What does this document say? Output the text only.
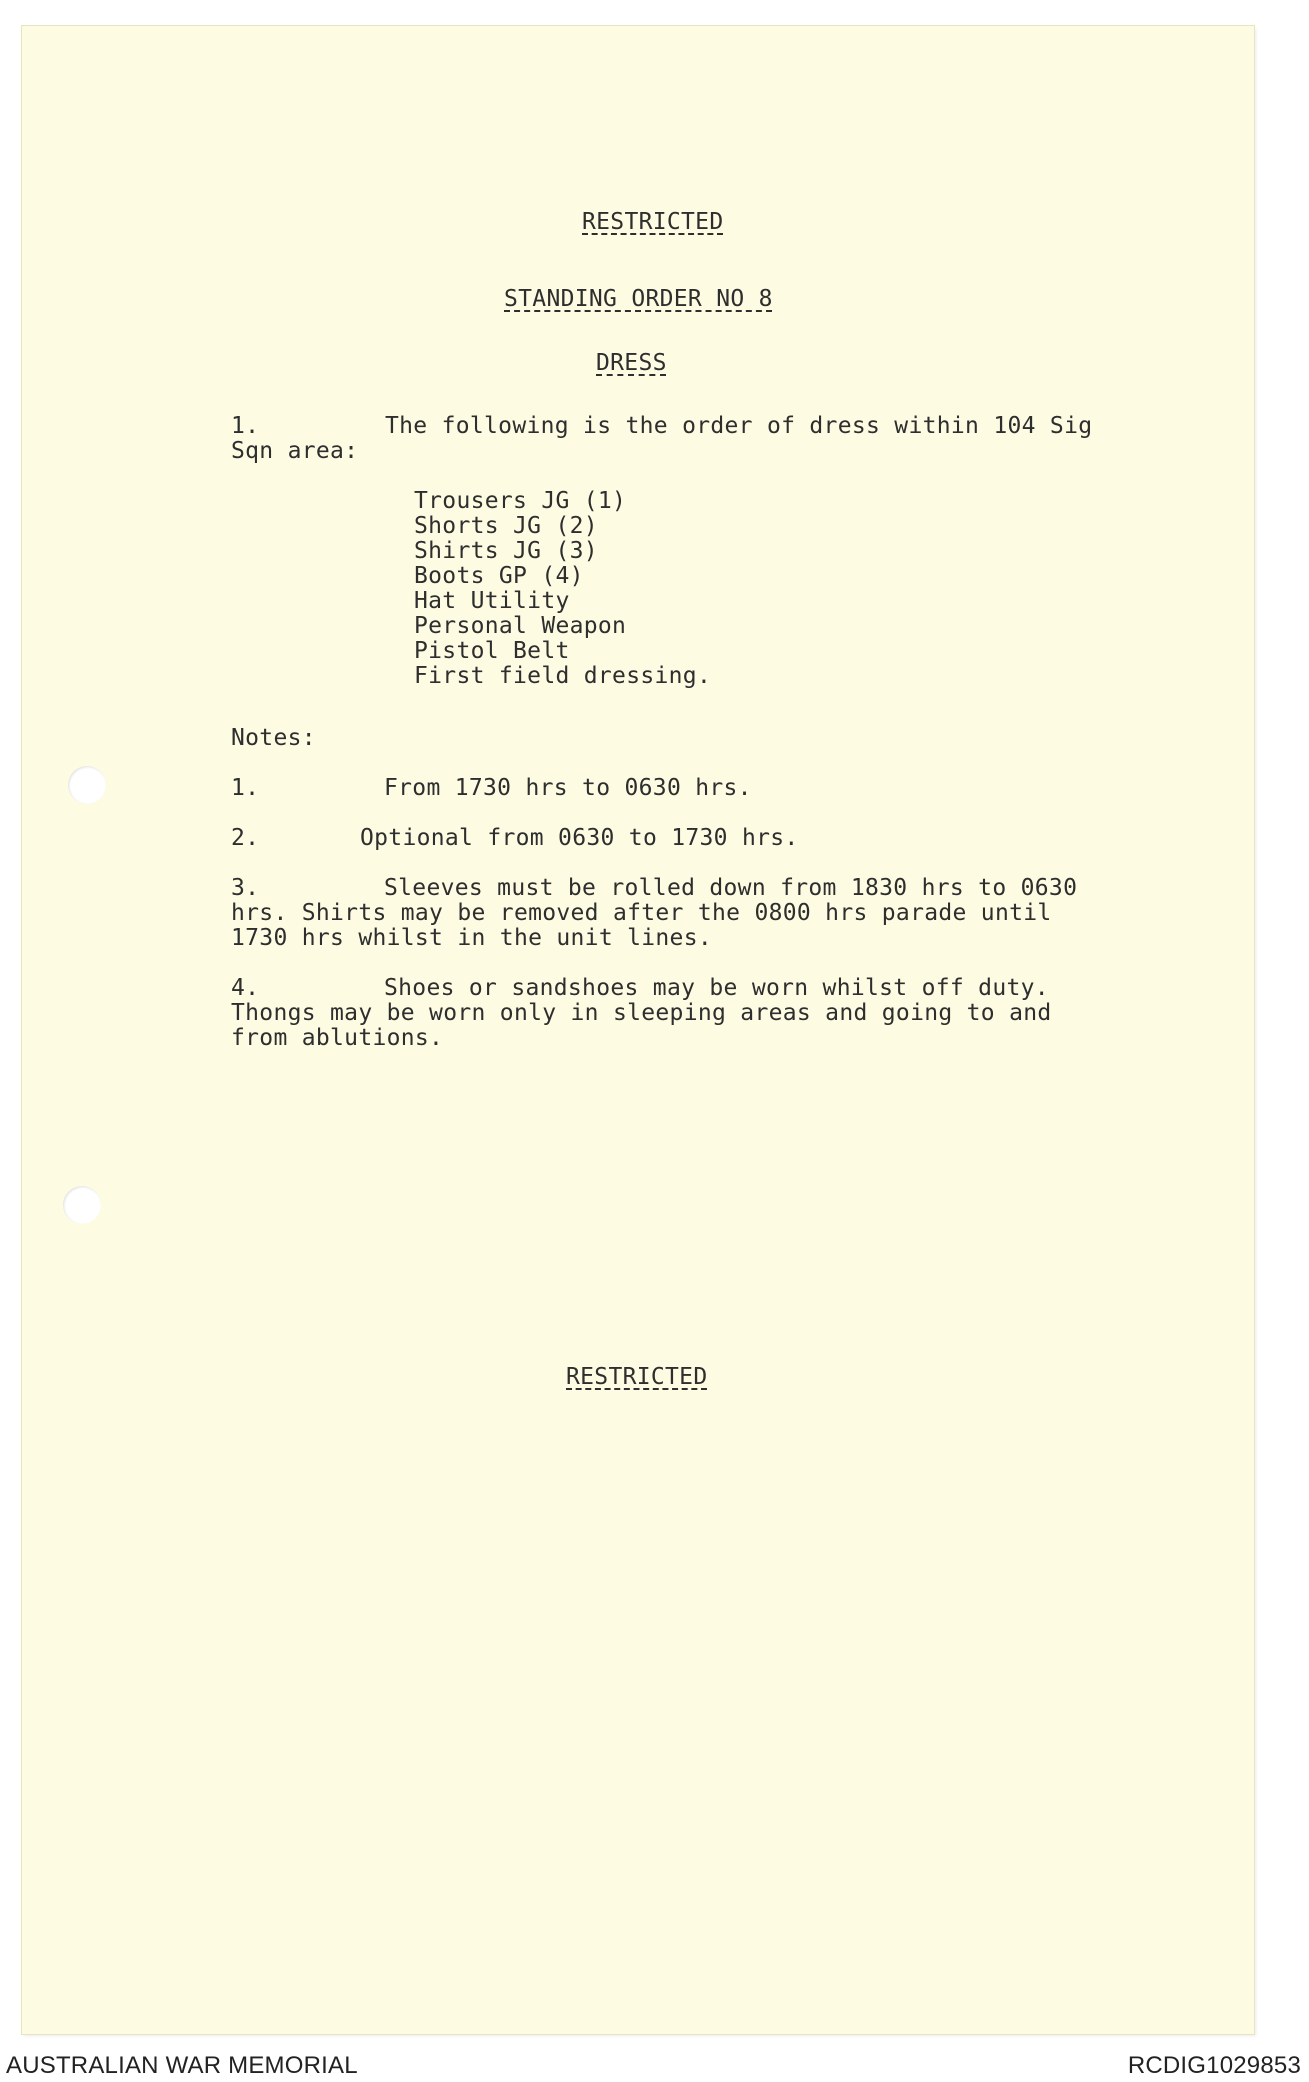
RESTRICTED
STANDING ORDER NO 8
DRESS
1.	The following is the order of dress within 104 Sig
Sqn area:
Trousers JG (1)
Shorts JG (2)
Shirts JG (3)
Boots GP (4)
Hat Utility
Personal Weapon
Pistol Belt
First field dressing.
Notes:
1.	From 1730 hrs to 0630 hrs.
2.	Optional from 0630 to 1730 hrs.
3.	Sleeves must be rolled down from 1830 hrs to 0630
hrs. Shirts may be removed after the 0800 hrs parade until
1730 hrs whilst in the unit lines.
4.	Shoes or sandshoes may be worn whilst off duty.
Thongs may be worn only in sleeping areas and going to and
from ablutions.
RESTRICTED
AUSTRALIAN WAR MEMORIAL	RCDIG1029853
